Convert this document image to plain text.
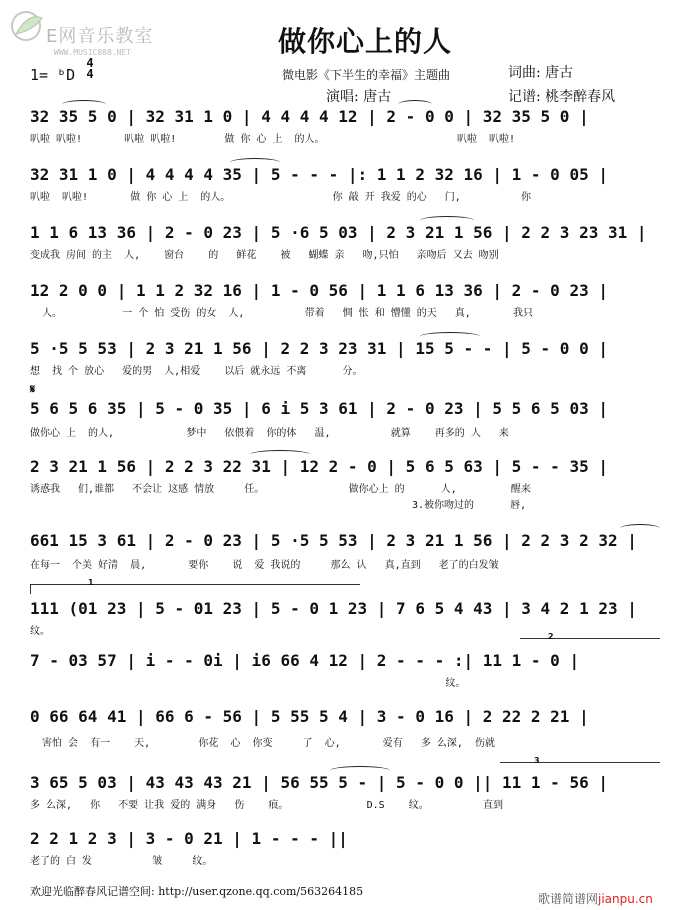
E网音乐教室
WWW.MUSIC888.NET	做你心上的人
1= ᵇD
4
4	微电影《下半生的幸福》主题曲	词曲: 唐古
演唱: 唐古	记谱: 桃李醉春风
32 35 5 0 | 32 31 1 0 | 4 4 4 4 12 | 2 - 0 0 | 32 35 5 0 |
叭啦 叭啦!       叭啦 叭啦!        做 你 心 上  的人。                      叭啦  叭啦!
32 31 1 0 | 4 4 4 4 35 | 5 - - - |: 1 1 2 32 16 | 1 - 0 05 |
叭啦  叭啦!       做 你 心 上  的人。                 你 敲 开 我爱 的心   门,          你
1 1 6 13 36 | 2 - 0 23 | 5 ·6 5 03 | 2 3 21 1 56 | 2 2 3 23 31 |
变成我 房间 的主  人,    窗台    的   鲜花    被   蝴蝶 亲   吻,只怕   亲吻后 又去 吻别
12 2 0 0 | 1 1 2 32 16 | 1 - 0 56 | 1 1 6 13 36 | 2 - 0 23 |
人。          一 个 怕 受伤 的女  人,          带着   惆 怅 和 懵懂 的天   真,       我只
5 ·5 5 53 | 2 3 21 1 56 | 2 2 3 23 31 | 15 5 - - | 5 - 0 0 |
想  找 个 放心   爱的男  人,相爱    以后 就永远 不离      分。
𝄋
5 6 5 6 35 | 5 - 0 35 | 6 i 5 3 61 | 2 - 0 23 | 5 5 6 5 03 |
做你心 上  的人,            梦中   依偎着  你的体   温,          就算    再多的 人   来
2 3 21 1 56 | 2 2 3 22 31 | 12 2 - 0 | 5 6 5 63 | 5 - - 35 |
诱惑我   们,谁都   不会让 这感 情放     任。              做你心上 的      人,         醒来
3.被你吻过的      唇,
661 15 3 61 | 2 - 0 23 | 5 ·5 5 53 | 2 3 21 1 56 | 2 2 3 2 32 |
在每一  个美 好清  晨,       要你    说  爱 我说的     那么 认   真,直到   老了的白发皱
1
111 (01 23 | 5 - 01 23 | 5 - 0 1 23 | 7 6 5 4 43 | 3 4 2 1 23 |
纹。	2
7 - 03 57 | i - - 0i | i6 66 4 12 | 2 - - - :| 11 1 - 0 |
纹。
0 66 64 41 | 66 6 - 56 | 5 55 5 4 | 3 - 0 16 | 2 22 2 21 |
害怕 会  有一    天,        你花  心  你变     了  心,       爱有   多 么深,  伤就
3
3 65 5 03 | 43 43 43 21 | 56 55 5 - | 5 - 0 0 || 11 1 - 56 |
多 么深,   你   不要 让我 爱的 满身   伤    痕。             D.S    纹。         直到
2 2 1 2 3 | 3 - 0 21 | 1 - - - ||
老了的 白 发          皱     纹。
欢迎光临醉春风记谱空间: http://user.qzone.qq.com/563264185
歌谱简谱网jianpu.cn
